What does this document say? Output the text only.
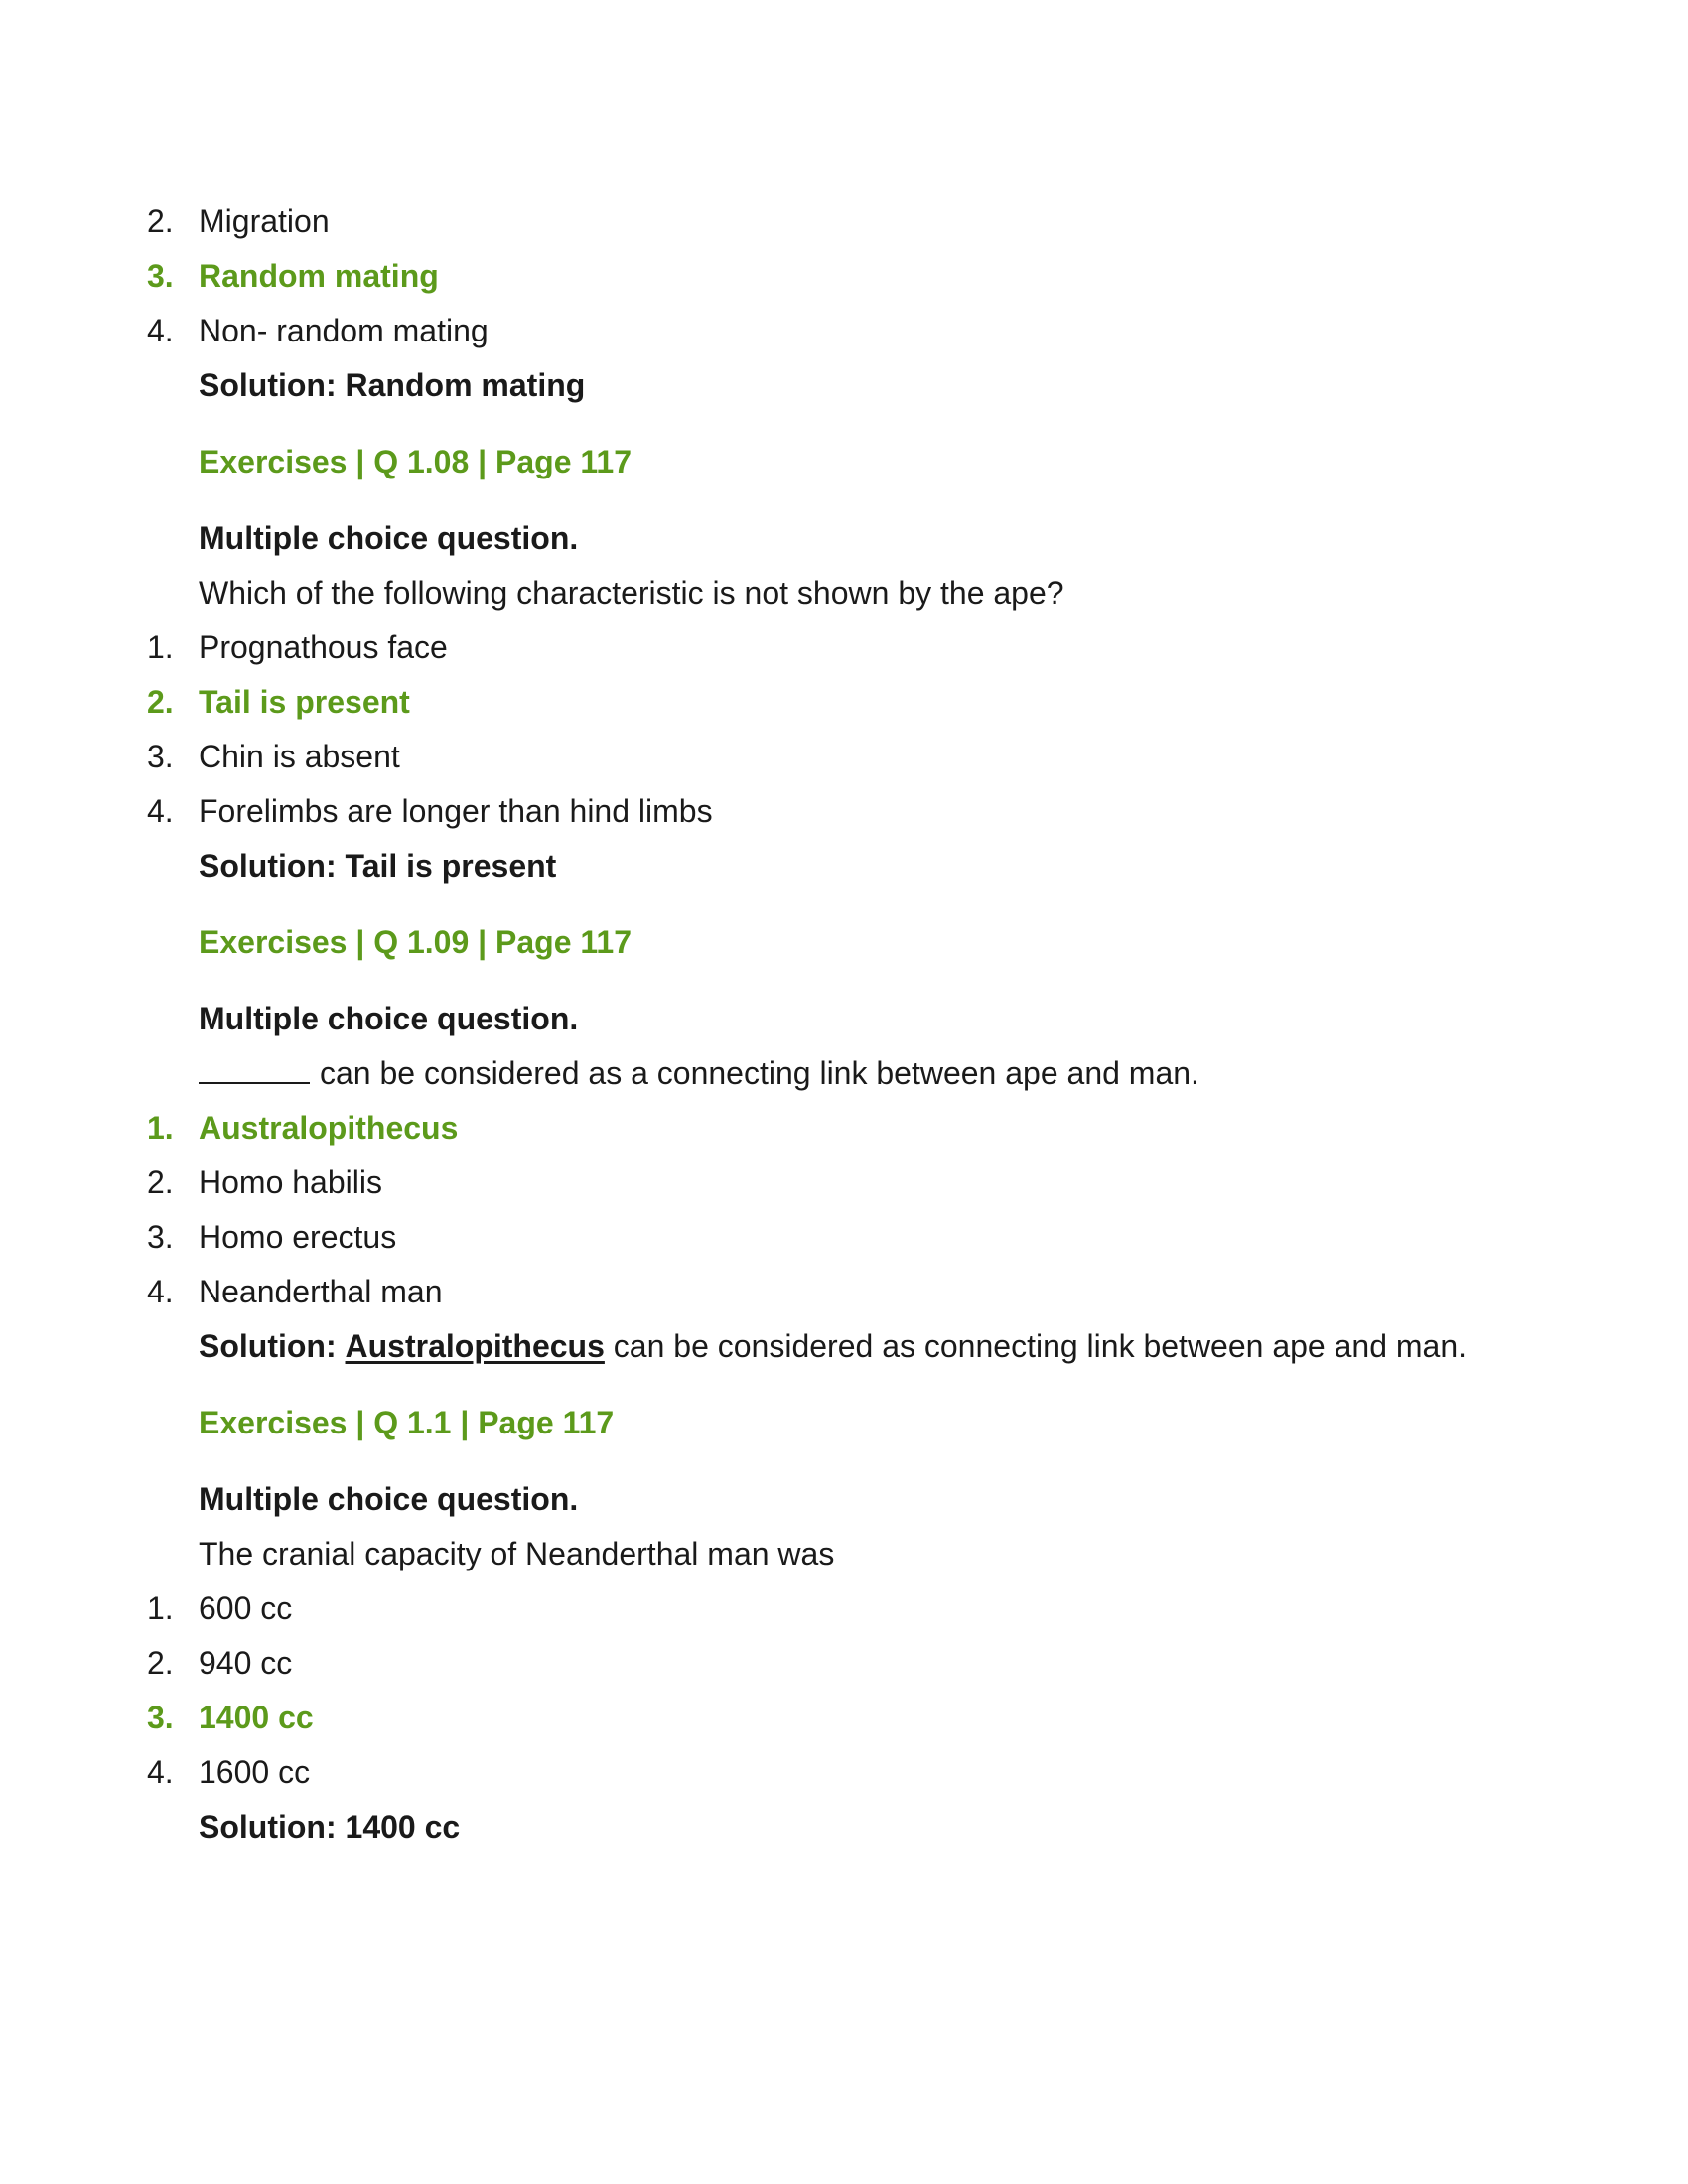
2. Migration
3. Random mating
4. Non- random mating
Solution: Random mating
Exercises | Q 1.08 | Page 117
Multiple choice question.
Which of the following characteristic is not shown by the ape?
1. Prognathous face
2. Tail is present
3. Chin is absent
4. Forelimbs are longer than hind limbs
Solution: Tail is present
Exercises | Q 1.09 | Page 117
Multiple choice question.
can be considered as a connecting link between ape and man.
1. Australopithecus
2. Homo habilis
3. Homo erectus
4. Neanderthal man
Solution: Australopithecus can be considered as connecting link between ape and man.
Exercises | Q 1.1 | Page 117
Multiple choice question.
The cranial capacity of Neanderthal man was
1. 600 cc
2. 940 cc
3. 1400 cc
4. 1600 cc
Solution: 1400 cc
